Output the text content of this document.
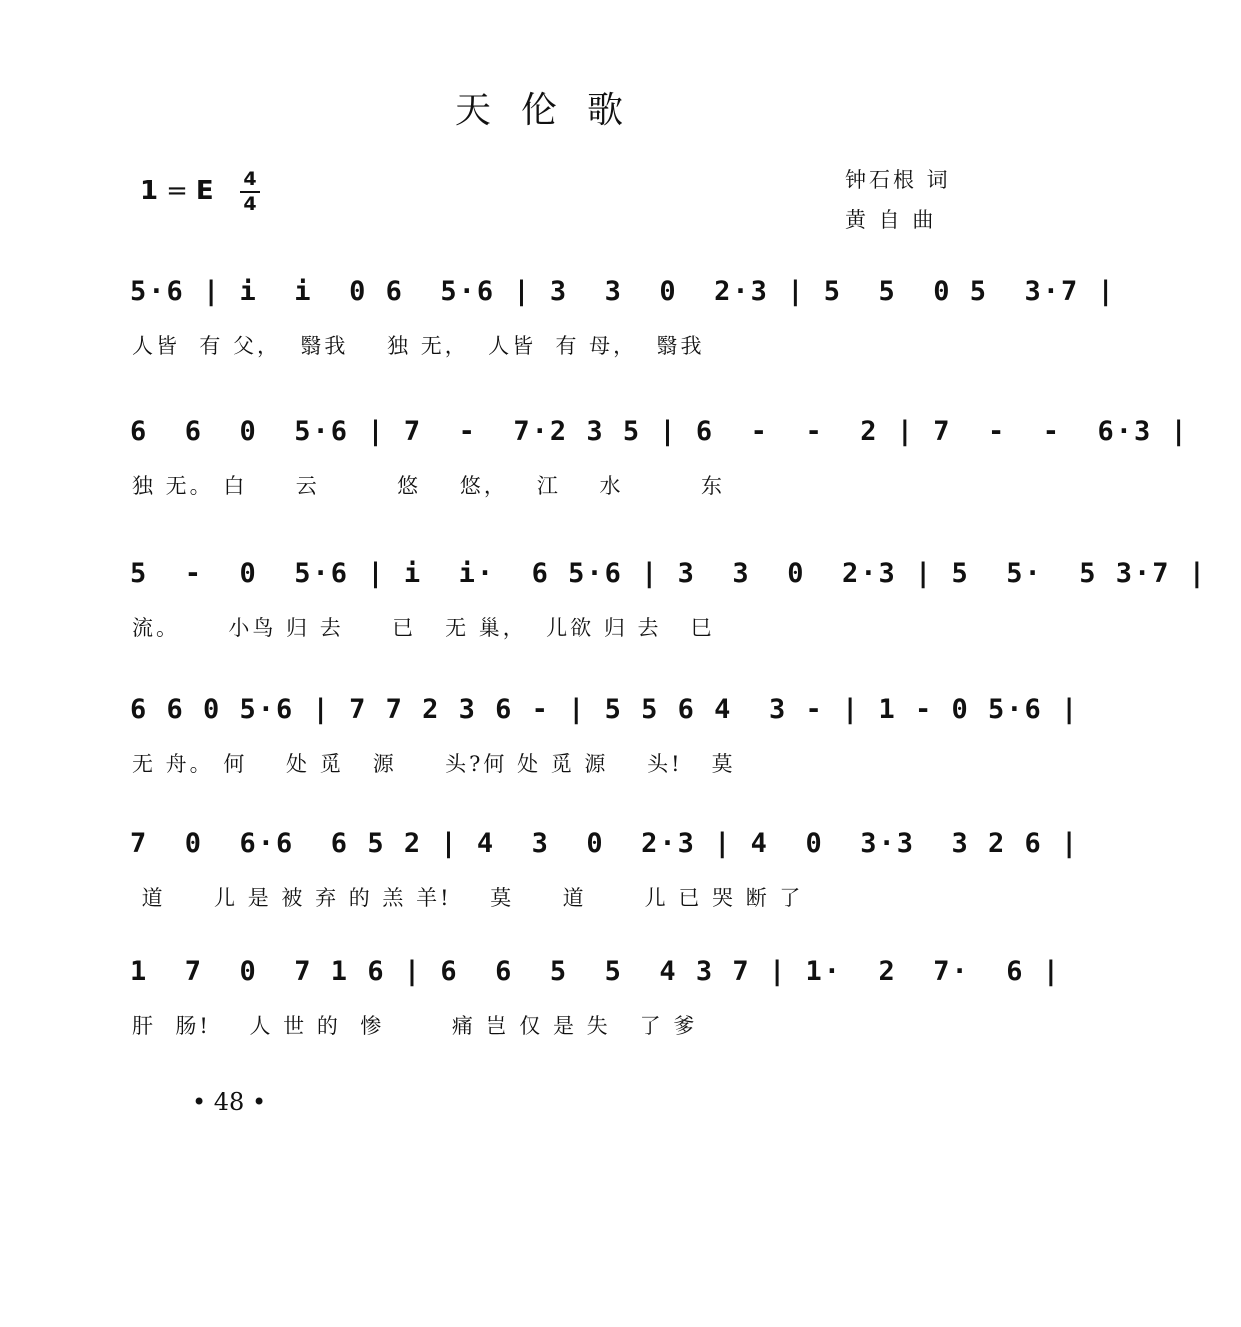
天伦歌
1 = E 4
4
钟石根 词
黄 自 曲
5·6 | i  i  0 6  5·6 | 3  3  0  2·3 | 5  5  0 5  3·7 |
人皆  有 父，  翳我    独 无，  人皆  有 母，  翳我
6  6  0  5·6 | 7  -  7·2 3 5 | 6  -  -  2 | 7  -  -  6·3 |
独 无。 白     云        悠    悠，   江    水        东
5  -  0  5·6 | i  i·  6 5·6 | 3  3  0  2·3 | 5  5·  5 3·7 |
流。     小鸟 归 去     已   无 巢，  儿欲 归 去   巳
6 6 0 5·6 | 7 7 2 3 6 - | 5 5 6 4  3 - | 1 - 0 5·6 |
无 舟。 何    处 觅   源     头?何 处 觅 源    头!   莫
7  0  6·6  6 5 2 | 4  3  0  2·3 | 4  0  3·3  3 2 6 |
道     儿 是 被 弃 的 羔 羊!    莫     道      儿 已 哭 断 了
1  7  0  7 1 6 | 6  6  5  5  4 3 7 | 1·  2  7·  6 |
肝  肠!    人 世 的  惨       痛 岂 仅 是 失   了 爹
• 48 •
